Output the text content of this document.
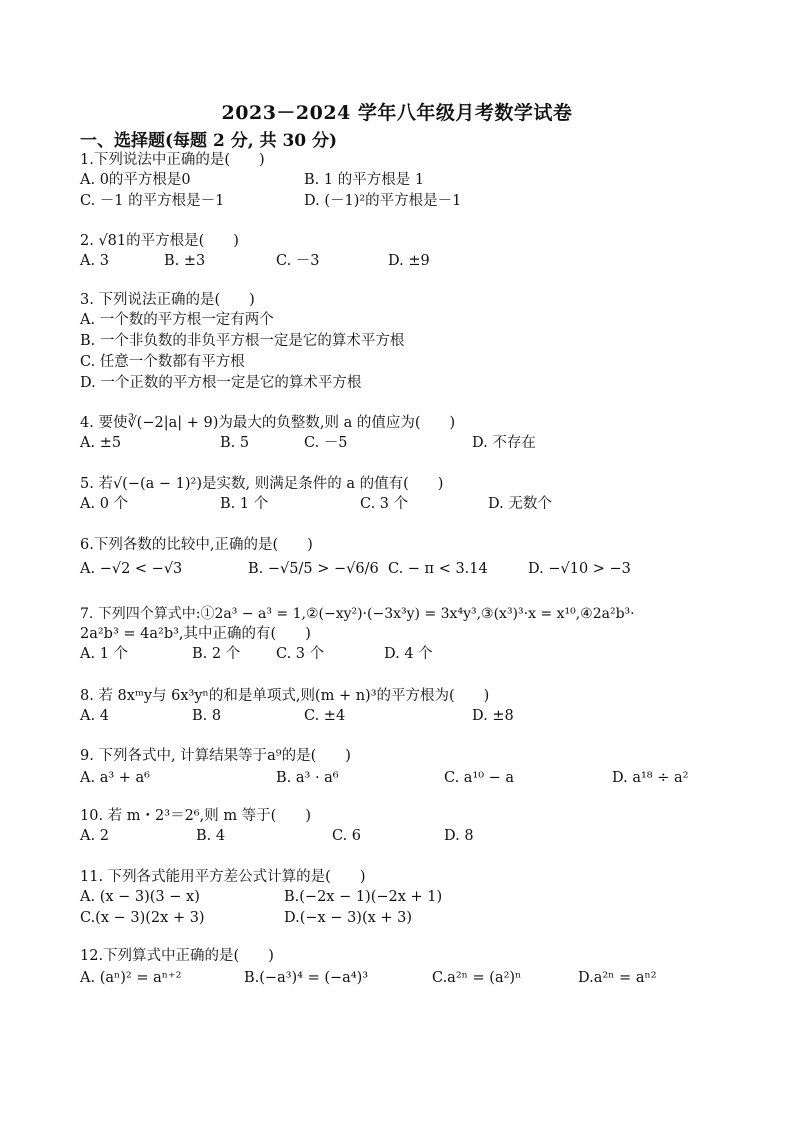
2023－2024 学年八年级月考数学试卷
一、选择题(每题 2 分, 共 30 分)
1.下列说法中正确的是(　　)
A. 0的平方根是0	B. 1 的平方根是 1
C. －1 的平方根是－1	D. (－1)²的平方根是－1
2. √81的平方根是(　　)
A. 3	B. ±3	C. －3	D. ±9
3. 下列说法正确的是(　　)
A. 一个数的平方根一定有两个
B. 一个非负数的非负平方根一定是它的算术平方根
C. 任意一个数都有平方根
D. 一个正数的平方根一定是它的算术平方根
4. 要使∛(−2|a| + 9)为最大的负整数,则 a 的值应为(　　)
A. ±5	B. 5	C. －5	D. 不存在
5. 若√(−(a − 1)²)是实数, 则满足条件的 a 的值有(　　)
A. 0 个	B. 1 个	C. 3 个	D. 无数个
6.下列各数的比较中,正确的是(　　)
A. −√2 < −√3	B. −√5/5 > −√6/6 C. − π < 3.14	D. −√10 > −3
7. 下列四个算式中:①2a³ − a³ = 1,②(−xy²)·(−3x³y) = 3x⁴y³,③(x³)³·x = x¹⁰,④2a²b³·
2a²b³ = 4a²b³,其中正确的有(　　)
A. 1 个	B. 2 个 C. 3 个	D. 4 个
8. 若 8xᵐy与 6x³yⁿ的和是单项式,则(m + n)³的平方根为(　　)
A. 4	B. 8	C. ±4	D. ±8
9. 下列各式中, 计算结果等于a⁹的是(　　)
A. a³ + a⁶	B. a³ · a⁶	C. a¹⁰ − a	D. a¹⁸ ÷ a²
10. 若 m・2³＝2⁶,则 m 等于(　　)
A. 2	B. 4	C. 6	D. 8
11. 下列各式能用平方差公式计算的是(　　)
A. (x − 3)(3 − x)	B.(−2x − 1)(−2x + 1)
C.(x − 3)(2x + 3)	D.(−x − 3)(x + 3)
12.下列算式中正确的是(　　)
A. (aⁿ)² = aⁿ⁺²	B.(−a³)⁴ = (−a⁴)³	C.a²ⁿ = (a²)ⁿ	D.a²ⁿ = aⁿ²
